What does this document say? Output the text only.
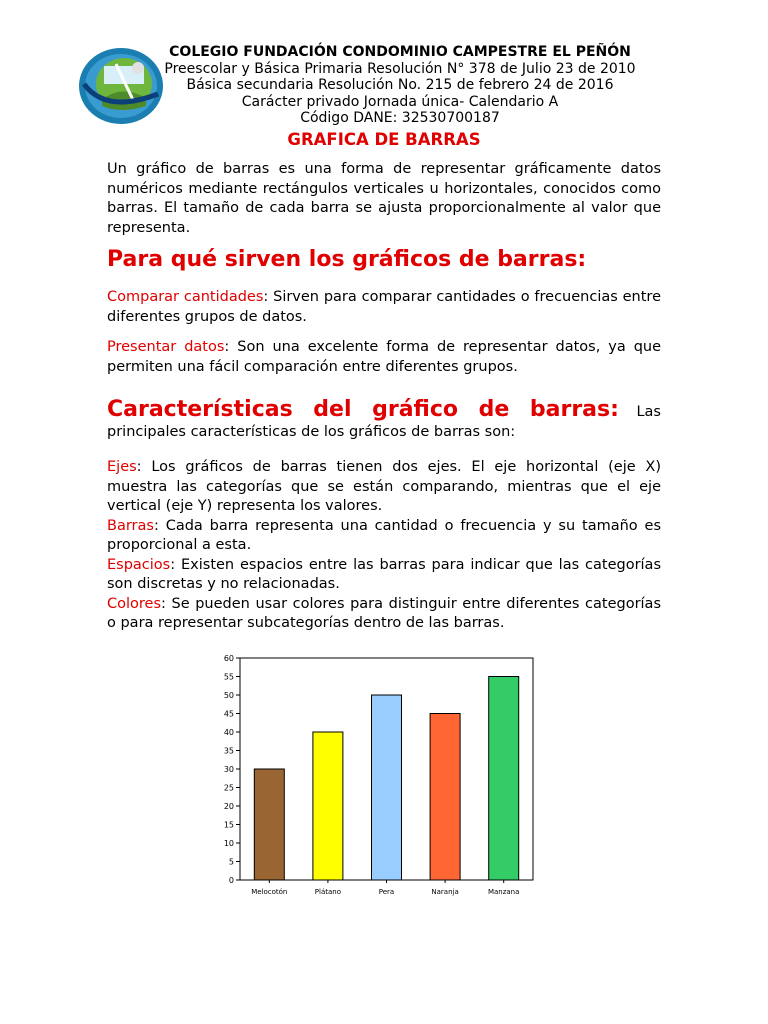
COLEGIO FUNDACIÓN CONDOMINIO CAMPESTRE EL PEÑÓN
Preescolar y Básica Primaria Resolución N° 378 de Julio 23 de 2010
Básica secundaria Resolución No. 215 de febrero 24 de 2016
Carácter privado Jornada única- Calendario A
Código DANE: 32530700187
GRAFICA DE BARRAS

Un gráfico de barras es una forma de representar gráficamente datos numéricos mediante rectángulos verticales u horizontales, conocidos como barras. El tamaño de cada barra se ajusta proporcionalmente al valor que representa.

Para qué sirven los gráficos de barras:

Comparar cantidades: Sirven para comparar cantidades o frecuencias entre diferentes grupos de datos.

Presentar datos: Son una excelente forma de representar datos, ya que permiten una fácil comparación entre diferentes grupos.

Características del gráfico de barras: Las principales características de los gráficos de barras son:

Ejes: Los gráficos de barras tienen dos ejes. El eje horizontal (eje X) muestra las categorías que se están comparando, mientras que el eje vertical (eje Y) representa los valores.
Barras: Cada barra representa una cantidad o frecuencia y su tamaño es proporcional a esta.
Espacios: Existen espacios entre las barras para indicar que las categorías son discretas y no relacionadas.
Colores: Se pueden usar colores para distinguir entre diferentes categorías o para representar subcategorías dentro de las barras.
0
5
10
15
20
25
30
35
40
45
50
55
60
Melocotón	Plátano	Pera	Naranja	Manzana
